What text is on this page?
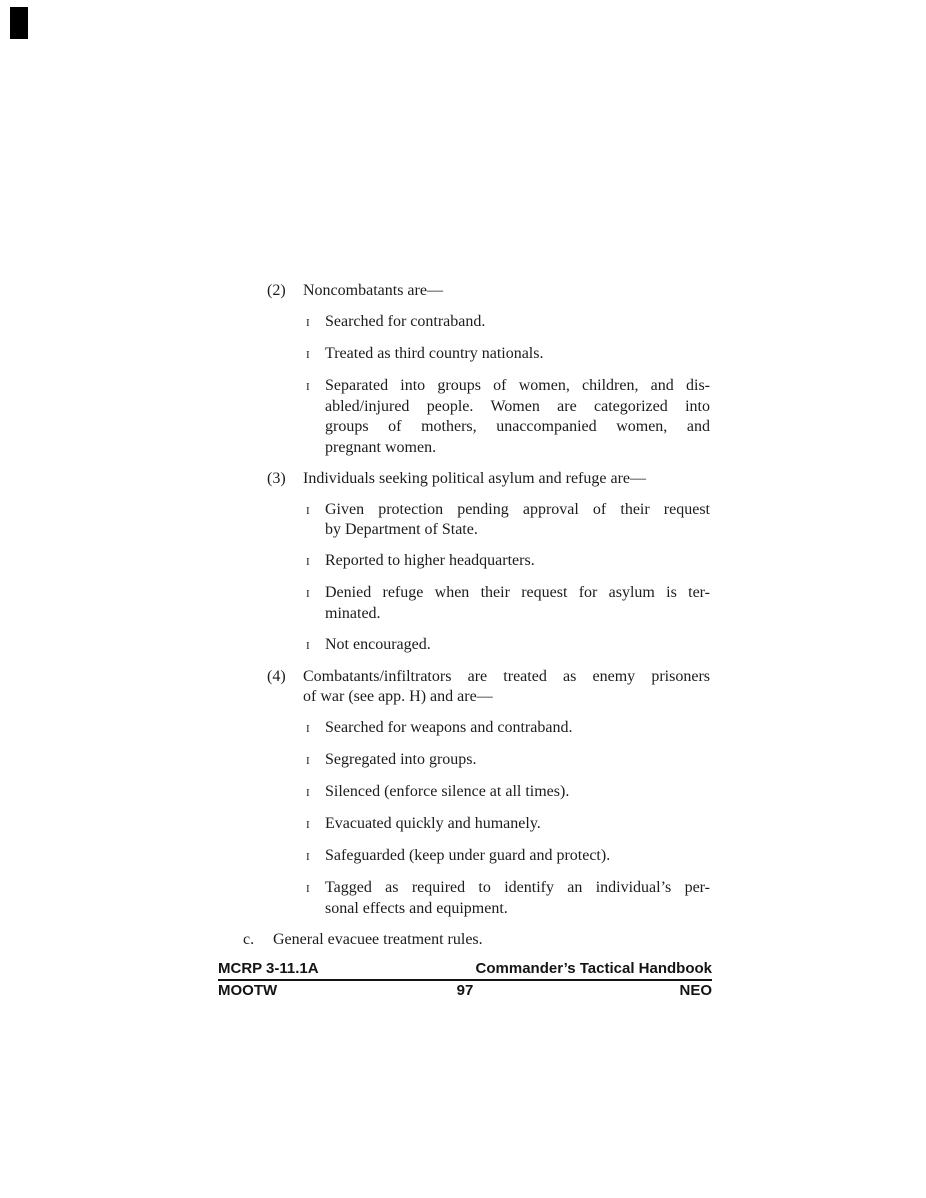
(2)	Noncombatants are—
I Searched for contraband.
I Treated as third country nationals.
I Separated into groups of women, children, and dis-
abled/injured people. Women are categorized into
groups of mothers, unaccompanied women, and
pregnant women.
(3)	Individuals seeking political asylum and refuge are—
I Given protection pending approval of their request
by Department of State.
I Reported to higher headquarters.
I Denied refuge when their request for asylum is ter-
minated.
I Not encouraged.
(4)	Combatants/infiltrators are treated as enemy prisoners
of war (see app. H) and are—
I Searched for weapons and contraband.
I Segregated into groups.
I Silenced (enforce silence at all times).
I Evacuated quickly and humanely.
I Safeguarded (keep under guard and protect).
I Tagged as required to identify an individual’s per-
sonal effects and equipment.
c.	General evacuee treatment rules.
MCRP 3-11.1A	Commander’s Tactical Handbook
MOOTW	97	NEO
